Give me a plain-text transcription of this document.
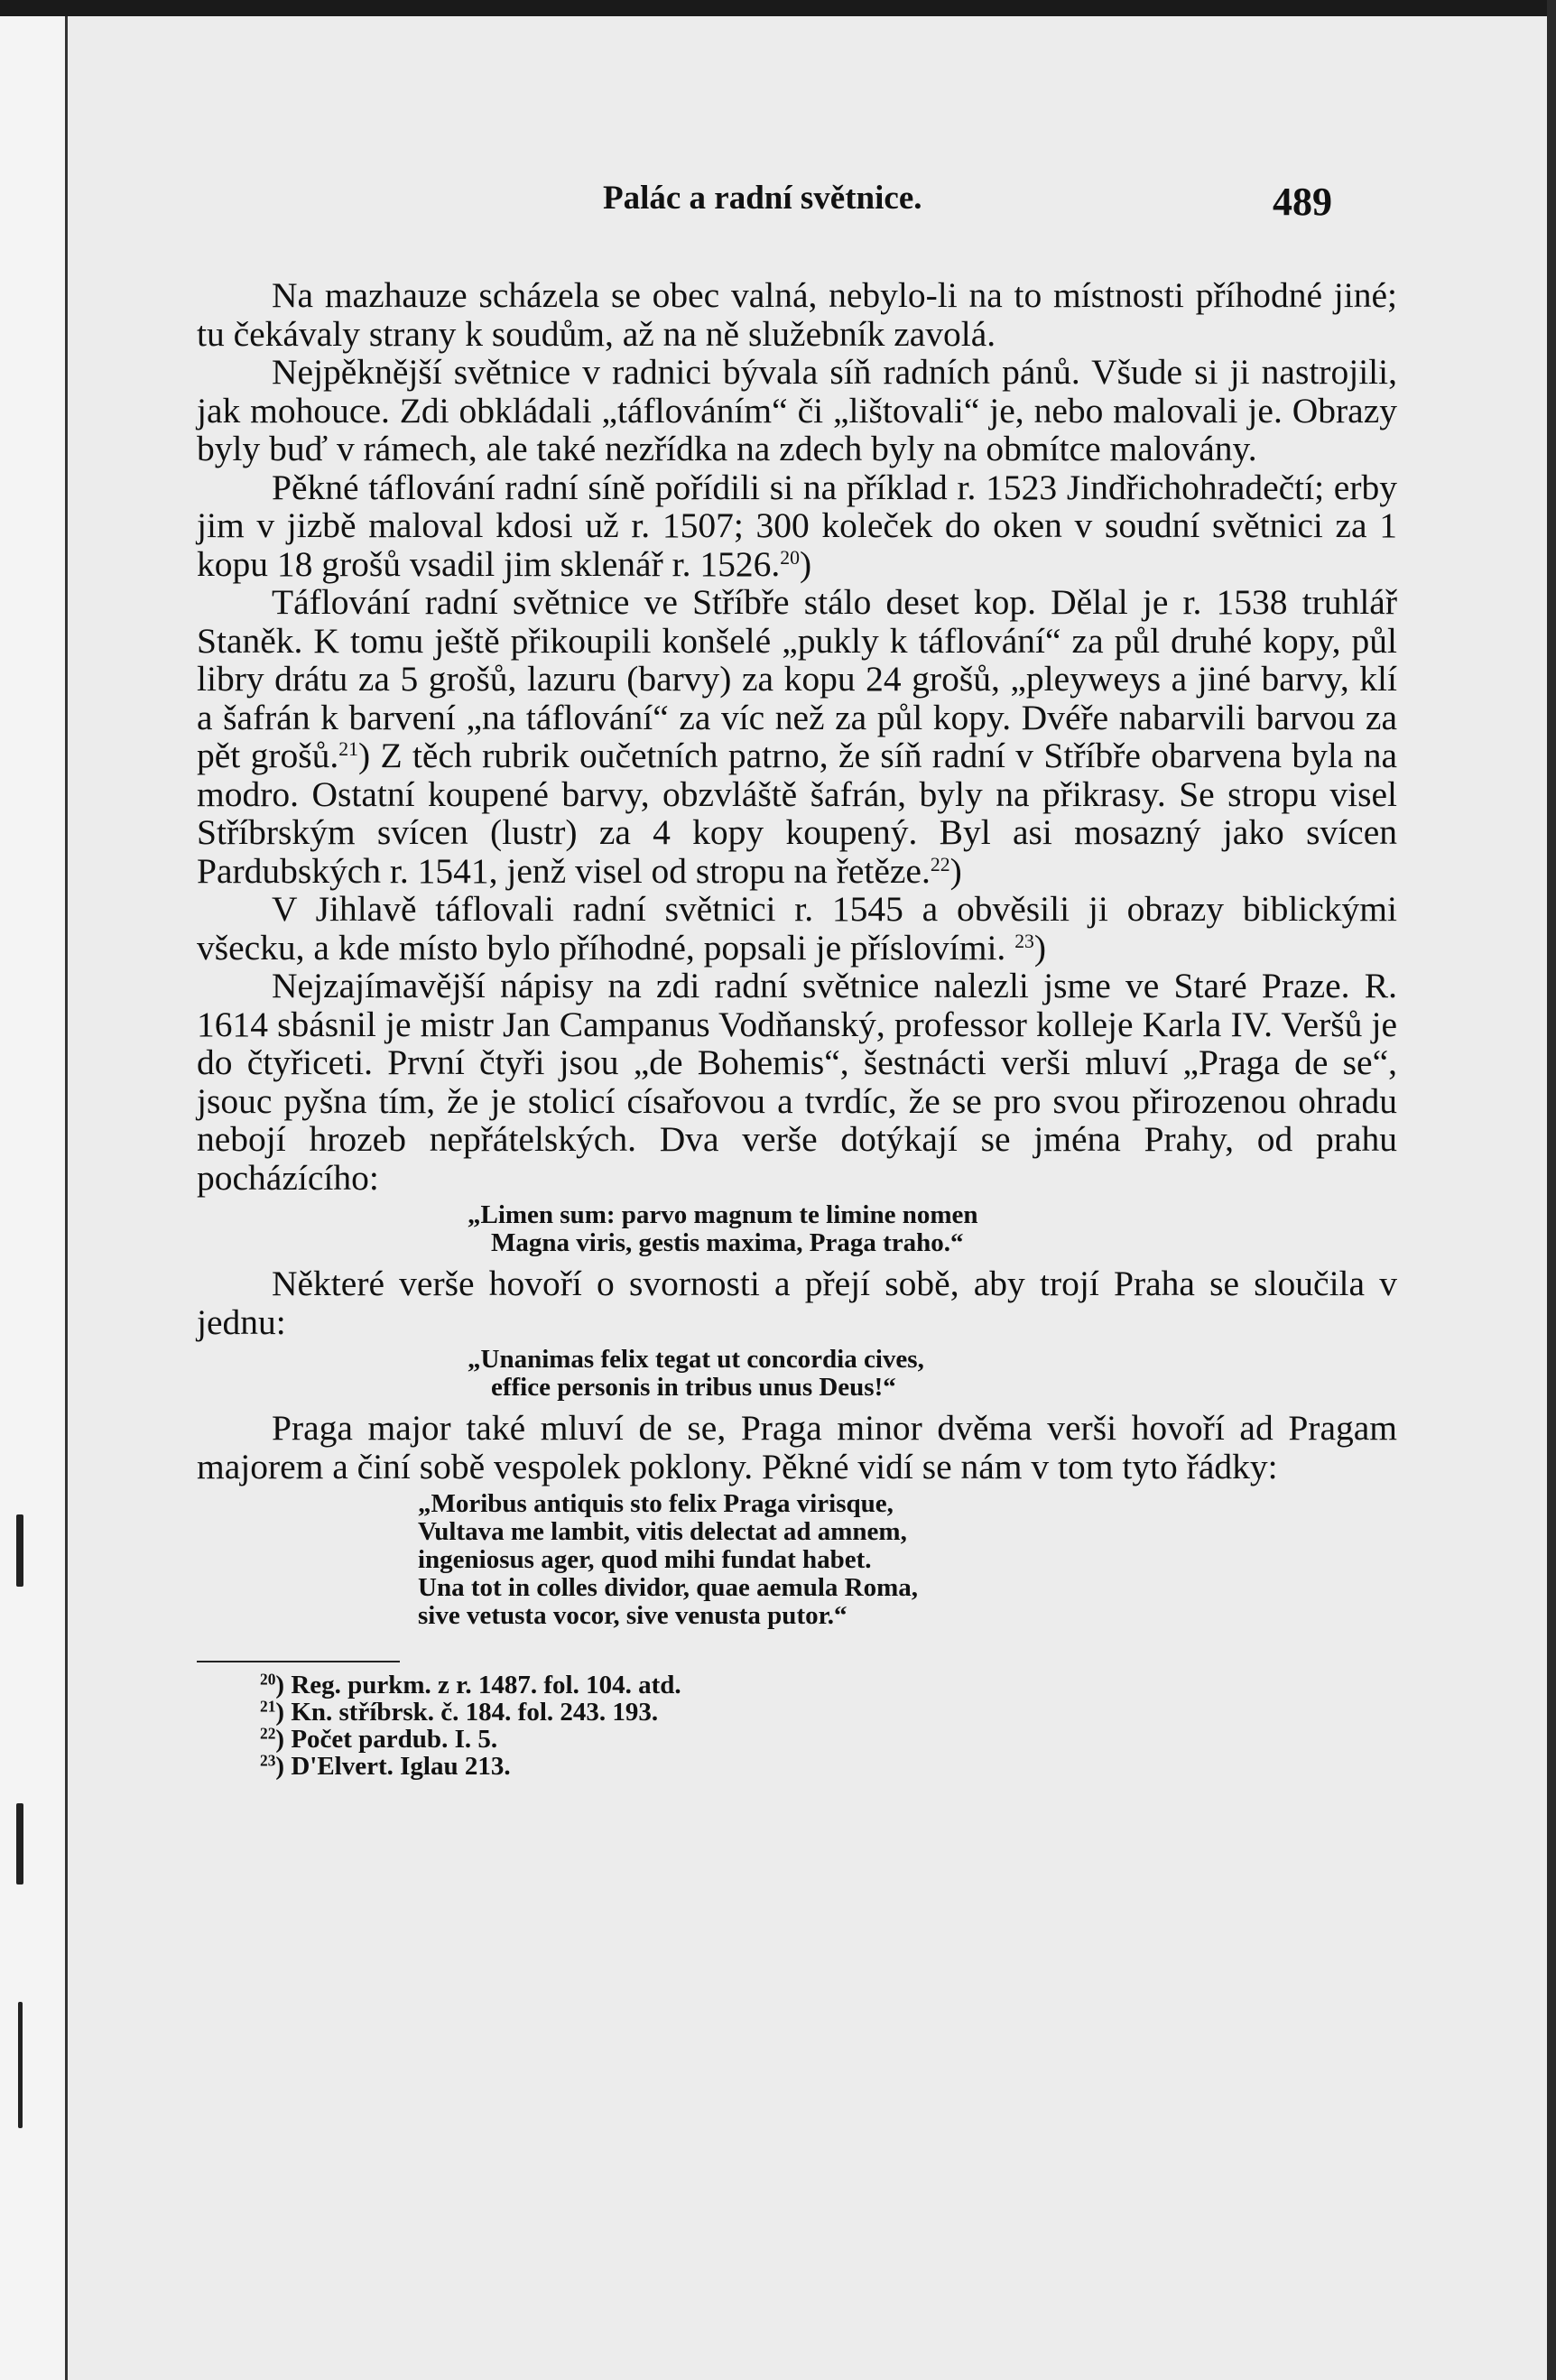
Palác a radní světnice.	489

Na mazhauze scházela se obec valná, nebylo-li na to místnosti příhodné jiné; tu čekávaly strany k soudům, až na ně služebník zavolá.

Nejpěknější světnice v radnici bývala síň radních pánů. Všude si ji nastrojili, jak mohouce. Zdi obkládali „táflováním“ či „lištovali“ je, nebo malovali je. Obrazy byly buď v rámech, ale také nezřídka na zdech byly na obmítce malovány.

Pěkné táflování radní síně pořídili si na příklad r. 1523 Jindřichohradečtí; erby jim v jizbě maloval kdosi už r. 1507; 300 koleček do oken v soudní světnici za 1 kopu 18 grošů vsadil jim sklenář r. 1526.20)

Táflování radní světnice ve Stříbře stálo deset kop. Dělal je r. 1538 truhlář Staněk. K tomu ještě přikoupili konšelé „pukly k táflování“ za půl druhé kopy, půl libry drátu za 5 grošů, lazuru (barvy) za kopu 24 grošů, „pleyweys a jiné barvy, klí a šafrán k barvení „na táflování“ za víc než za půl kopy. Dvéře nabarvili barvou za pět grošů.$^{21}$) Z těch rubrik oučetních patrno, že síň radní v Stříbře obarvena byla na modro. Ostatní koupené barvy, obzvláště šafrán, byly na přikrasy. Se stropu visel Stříbrským svícen (lustr) za 4 kopy koupený. Byl asi mosazný jako svícen Pardubských r. 1541, jenž visel od stropu na řetěze.$^{22}$)

V Jihlavě táflovali radní světnici r. 1545 a obvěsili ji obrazy biblickými všecku, a kde místo bylo příhodné, popsali je příslovími. $^{23}$)

Nejzajímavější nápisy na zdi radní světnice nalezli jsme ve Staré Praze. R. 1614 sbásnil je mistr Jan Campanus Vodňanský, professor kolleje Karla IV. Veršů je do čtyřiceti. První čtyři jsou „de Bohemis“, šestnácti verši mluví „Praga de se“, jsouc pyšna tím, že je stolicí císařovou a tvrdíc, že se pro svou přirozenou ohradu nebojí hrozeb nepřátelských. Dva verše dotýkají se jména Prahy, od prahu pocházícího:

„Limen sum: parvo magnum te limine nomen
Magna viris, gestis maxima, Praga traho.“

Některé verše hovoří o svornosti a přejí sobě, aby trojí Praha se sloučila v jednu:

„Unanimas felix tegat ut concordia cives,
effice personis in tribus unus Deus!“

Praga major také mluví de se, Praga minor dvěma verši hovoří ad Pragam majorem a činí sobě vespolek poklony. Pěkné vidí se nám v tom tyto řádky:

„Moribus antiquis sto felix Praga virisque,
Vultava me lambit, vitis delectat ad amnem,
ingeniosus ager, quod mihi fundat habet.
Una tot in colles dividor, quae aemula Roma,
sive vetusta vocor, sive venusta putor.“
$^{20}$) Reg. purkm. z r. 1487. fol. 104. atd.
$^{21}$) Kn. stříbrsk. č. 184. fol. 243. 193.
$^{22}$) Počet pardub. I. 5.
$^{23}$) D'Elvert. Iglau 213.
